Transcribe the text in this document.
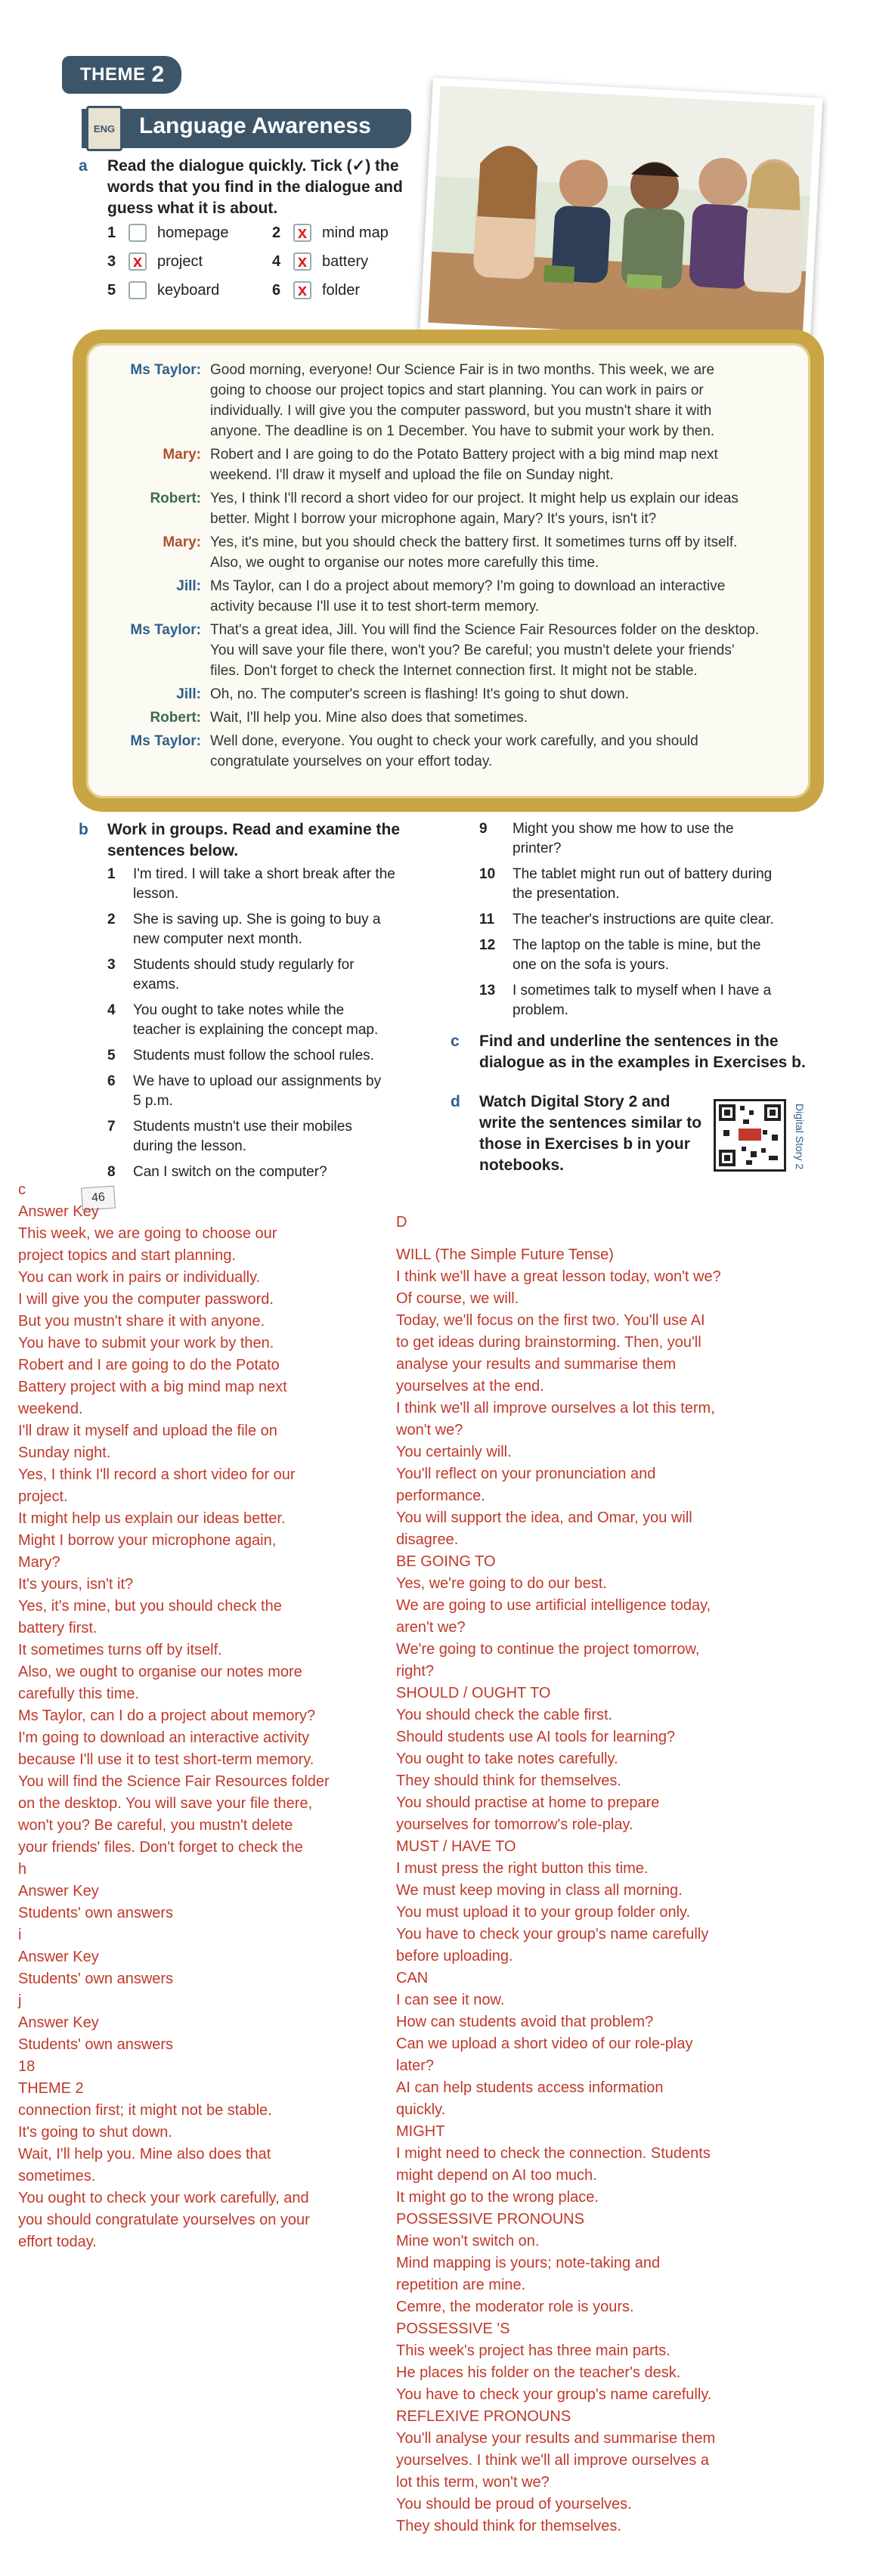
THEME 2
ENG Language Awareness
a Read the dialogue quickly. Tick (✓) the words that you find in the dialogue and guess what it is about.
1	homepage	2	x mind map
3	x project	4	x battery
5	keyboard	6	x folder
Ms Taylor: Good morning, everyone! Our Science Fair is in two months. This week, we are
going to choose our project topics and start planning. You can work in pairs or
individually. I will give you the computer password, but you mustn't share it with
anyone. The deadline is on 1 December. You have to submit your work by then.
Mary: Robert and I are going to do the Potato Battery project with a big mind map next
weekend. I'll draw it myself and upload the file on Sunday night.
Robert: Yes, I think I'll record a short video for our project. It might help us explain our ideas
better. Might I borrow your microphone again, Mary? It's yours, isn't it?
Mary: Yes, it's mine, but you should check the battery first. It sometimes turns off by itself.
Also, we ought to organise our notes more carefully this time.
Jill: Ms Taylor, can I do a project about memory? I'm going to download an interactive
activity because I'll use it to test short-term memory.
Ms Taylor: That's a great idea, Jill. You will find the Science Fair Resources folder on the desktop.
You will save your file there, won't you? Be careful; you mustn't delete your friends'
files. Don't forget to check the Internet connection first. It might not be stable.
Jill: Oh, no. The computer's screen is flashing! It's going to shut down.
Robert: Wait, I'll help you. Mine also does that sometimes.
Ms Taylor: Well done, everyone. You ought to check your work carefully, and you should
congratulate yourselves on your effort today.
b Work in groups. Read and examine the
sentences below.
1	I'm tired. I will take a short break after the
lesson.
2	She is saving up. She is going to buy a
new computer next month.
3	Students should study regularly for
exams.
4	You ought to take notes while the
teacher is explaining the concept map.
5	Students must follow the school rules.
6	We have to upload our assignments by
5 p.m.
7	Students mustn't use their mobiles
during the lesson.
8	Can I switch on the computer?
9	Might you show me how to use the
printer?
10	The tablet might run out of battery during
the presentation.
11	The teacher's instructions are quite clear.
12	The laptop on the table is mine, but the
one on the sofa is yours.
13	I sometimes talk to myself when I have a
problem.
c Find and underline the sentences in the
dialogue as in the examples in Exercises b.
d Watch Digital Story 2 and
write the sentences similar to
those in Exercises b in your
notebooks.	Digital Story 2
46
c
Answer Key
This week, we are going to choose our
project topics and start planning.
You can work in pairs or individually.
I will give you the computer password.
But you mustn't share it with anyone.
You have to submit your work by then.
Robert and I are going to do the Potato
Battery project with a big mind map next
weekend.
I'll draw it myself and upload the file on
Sunday night.
Yes, I think I'll record a short video for our
project.
It might help us explain our ideas better.
Might I borrow your microphone again,
Mary?
It's yours, isn't it?
Yes, it's mine, but you should check the
battery first.
It sometimes turns off by itself.
Also, we ought to organise our notes more
carefully this time.
Ms Taylor, can I do a project about memory?
I'm going to download an interactive activity
because I'll use it to test short-term memory.
You will find the Science Fair Resources folder
on the desktop. You will save your file there,
won't you? Be careful, you mustn't delete
your friends' files. Don't forget to check the
h
Answer Key
Students' own answers
i
Answer Key
Students' own answers
j
Answer Key
Students' own answers
18
THEME 2
connection first; it might not be stable.
It's going to shut down.
Wait, I'll help you. Mine also does that
sometimes.
You ought to check your work carefully, and
you should congratulate yourselves on your
effort today.
D
WILL (The Simple Future Tense)
I think we'll have a great lesson today, won't we?
Of course, we will.
Today, we'll focus on the first two. You'll use AI
to get ideas during brainstorming. Then, you'll
analyse your results and summarise them
yourselves at the end.
I think we'll all improve ourselves a lot this term,
won't we?
You certainly will.
You'll reflect on your pronunciation and
performance.
You will support the idea, and Omar, you will
disagree.
BE GOING TO
Yes, we're going to do our best.
We are going to use artificial intelligence today,
aren't we?
We're going to continue the project tomorrow,
right?
SHOULD / OUGHT TO
You should check the cable first.
Should students use AI tools for learning?
You ought to take notes carefully.
They should think for themselves.
You should practise at home to prepare
yourselves for tomorrow's role-play.
MUST / HAVE TO
I must press the right button this time.
We must keep moving in class all morning.
You must upload it to your group folder only.
You have to check your group's name carefully
before uploading.
CAN
I can see it now.
How can students avoid that problem?
Can we upload a short video of our role-play
later?
AI can help students access information
quickly.
MIGHT
I might need to check the connection. Students
might depend on AI too much.
It might go to the wrong place.
POSSESSIVE PRONOUNS
Mine won't switch on.
Mind mapping is yours; note-taking and
repetition are mine.
Cemre, the moderator role is yours.
POSSESSIVE 'S
This week's project has three main parts.
He places his folder on the teacher's desk.
You have to check your group's name carefully.
REFLEXIVE PRONOUNS
You'll analyse your results and summarise them
yourselves. I think we'll all improve ourselves a
lot this term, won't we?
You should be proud of yourselves.
They should think for themselves.
